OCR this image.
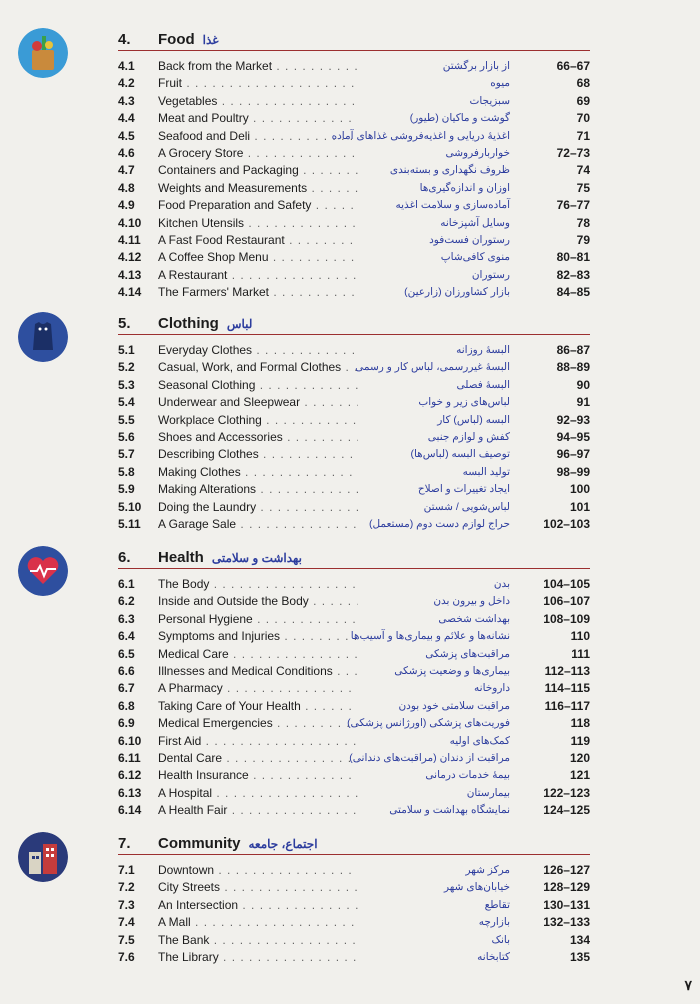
4. Food غذا
4.1 Back from the Market . . .	از بازار برگشتن	66–67
4.2 Fruit . . .	میوه	68
4.3 Vegetables . . .	سبزیجات	69
4.4 Meat and Poultry . . .	گوشت و ماکیان (طیور)	70
4.5 Seafood and Deli . . .	اغذیهٔ دریایی و اغذیه‌فروشی غذاهای آماده	71
4.6 A Grocery Store . . .	خواربارفروشی	72–73
4.7 Containers and Packaging . . .	ظروف نگهداری و بسته‌بندی	74
4.8 Weights and Measurements . . .	اوزان و اندازه‌گیری‌ها	75
4.9 Food Preparation and Safety . . .	آماده‌سازی و سلامت اغذیه	76–77
4.10 Kitchen Utensils . . .	وسایل آشپزخانه	78
4.11 A Fast Food Restaurant . . .	رستوران فست‌فود	79
4.12 A Coffee Shop Menu . . .	منوی کافی‌شاپ	80–81
4.13 A Restaurant . . .	رستوران	82–83
4.14 The Farmers' Market . . .	بازار کشاورزان (زارعین)	84–85
5. Clothing لباس
5.1 Everyday Clothes . . .	البسهٔ روزانه	86–87
5.2 Casual, Work, and Formal Clothes . . .	البسهٔ غیررسمی، لباس کار و رسمی	88–89
5.3 Seasonal Clothing . . .	البسهٔ فصلی	90
5.4 Underwear and Sleepwear . . .	لباس‌های زیر و خواب	91
5.5 Workplace Clothing . . .	البسه (لباس) کار	92–93
5.6 Shoes and Accessories . . .	کفش و لوازم جنبی	94–95
5.7 Describing Clothes . . .	توصیف البسه (لباس‌ها)	96–97
5.8 Making Clothes . . .	تولید البسه	98–99
5.9 Making Alterations . . .	ایجاد تغییرات و اصلاح	100
5.10 Doing the Laundry . . .	لباس‌شویی / شستن	101
5.11 A Garage Sale . . .	حراج لوازم دست دوم (مستعمل)	102–103
6. Health بهداشت و سلامتی
6.1 The Body . . .	بدن	104–105
6.2 Inside and Outside the Body . . .	داخل و بیرون بدن	106–107
6.3 Personal Hygiene . . .	بهداشت شخصی	108–109
6.4 Symptoms and Injuries . . .	نشانه‌ها و علائم و بیماری‌ها و آسیب‌ها	110
6.5 Medical Care . . .	مراقبت‌های پزشکی	111
6.6 Illnesses and Medical Conditions . . .	بیماری‌ها و وضعیت پزشکی	112–113
6.7 A Pharmacy . . .	داروخانه	114–115
6.8 Taking Care of Your Health . . .	مراقبت سلامتی خود بودن	116–117
6.9 Medical Emergencies . . .	فوریت‌های پزشکی (اورژانس پزشکی)	118
6.10 First Aid . . .	کمک‌های اولیه	119
6.11 Dental Care . . .	مراقبت از دندان (مراقبت‌های دندانی)	120
6.12 Health Insurance . . .	بیمهٔ خدمات درمانی	121
6.13 A Hospital . . .	بیمارستان	122–123
6.14 A Health Fair . . .	نمایشگاه بهداشت و سلامتی	124–125
7. Community اجتماع، جامعه
7.1 Downtown . . .	مرکز شهر	126–127
7.2 City Streets . . .	خیابان‌های شهر	128–129
7.3 An Intersection . . .	تقاطع	130–131
7.4 A Mall . . .	بازارچه	132–133
7.5 The Bank . . .	بانک	134
7.6 The Library . . .	کتابخانه	135
۷
